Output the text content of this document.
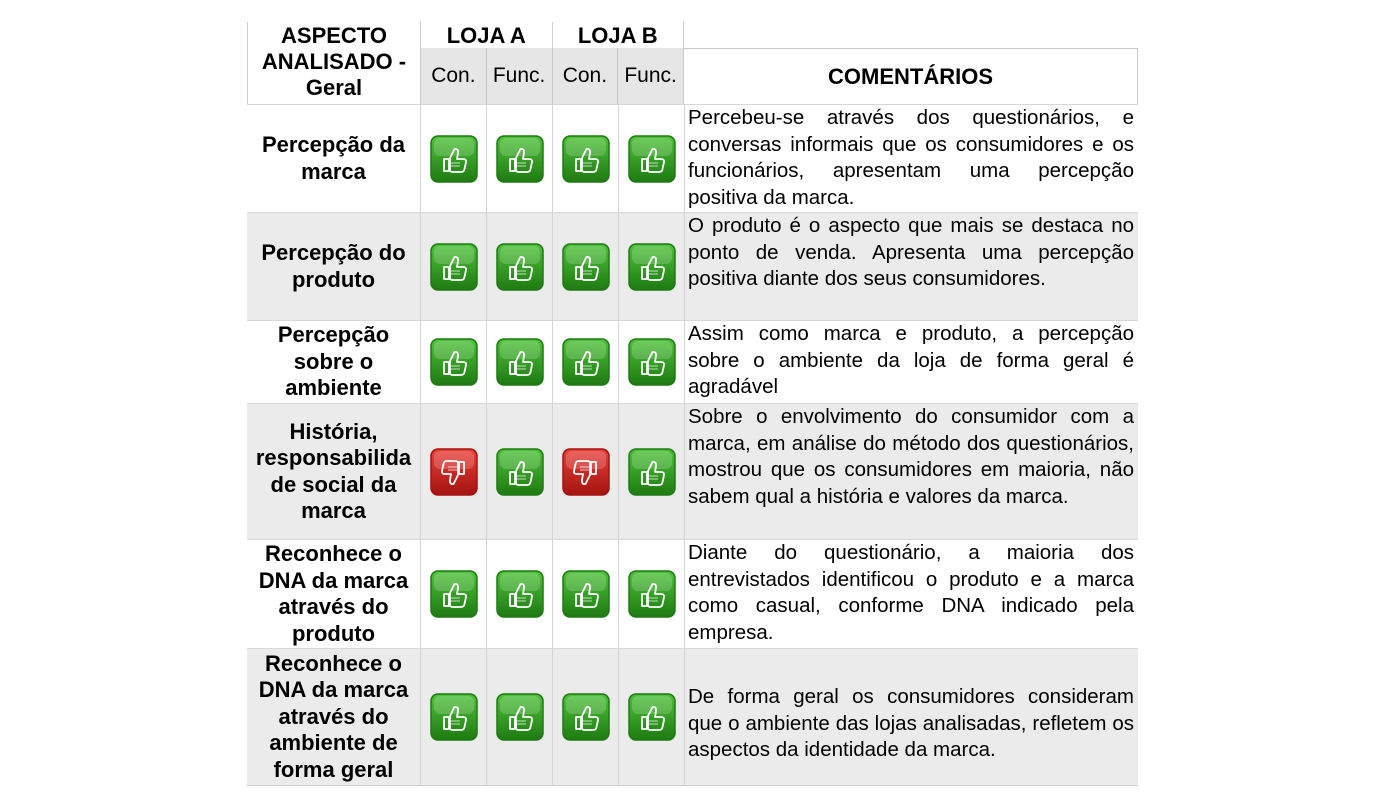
ASPECTO ANALISADO - Geral
LOJA A	LOJA B
Con. Func. Con. Func.	COMENTÁRIOS
Percepção da marca
Percebeu-se através dos questionários, e conversas informais que os consumidores e os funcionários, apresentam uma percepção positiva da marca.
Percepção do produto
O produto é o aspecto que mais se destaca no ponto de venda. Apresenta uma percepção positiva diante dos seus consumidores.
Percepção sobre o ambiente
Assim como marca e produto, a percepção sobre o ambiente da loja de forma geral é agradável
História, responsabilida de social da marca
Sobre o envolvimento do consumidor com a marca, em análise do método dos questionários, mostrou que os consumidores em maioria, não sabem qual a história e valores da marca.
Reconhece o DNA da marca através do produto
Diante do questionário, a maioria dos entrevistados identificou o produto e a marca como casual, conforme DNA indicado pela empresa.
Reconhece o DNA da marca através do ambiente de forma geral
De forma geral os consumidores consideram que o ambiente das lojas analisadas, refletem os aspectos da identidade da marca.
